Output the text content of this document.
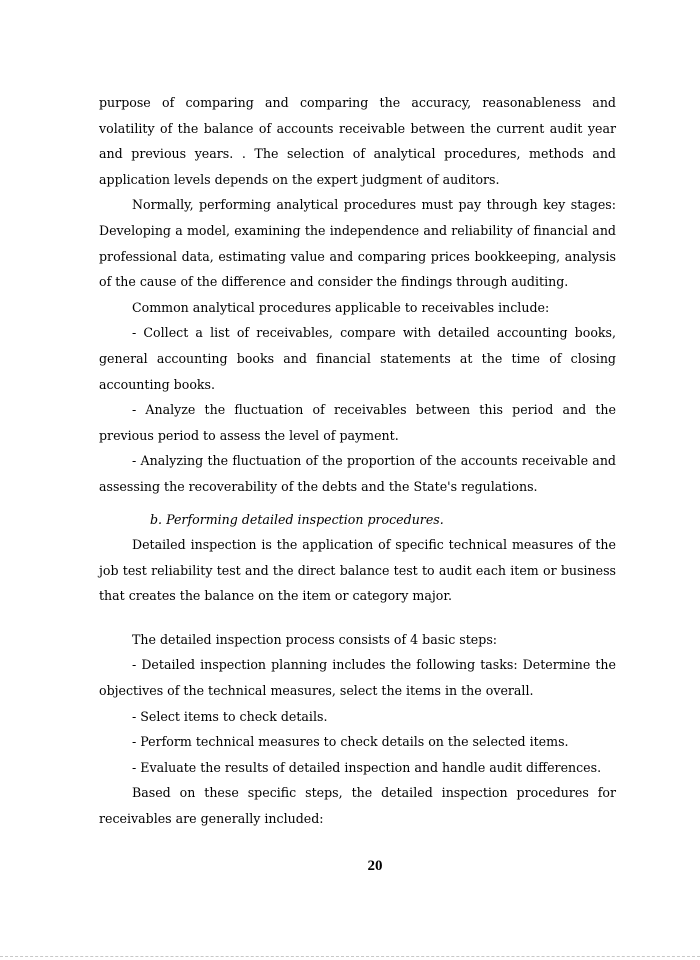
purpose of comparing and comparing the accuracy, reasonableness and volatility of the balance of accounts receivable between the current audit year and previous years. . The selection of analytical procedures, methods and application levels depends on the expert judgment of auditors.

Normally, performing analytical procedures must pay through key stages: Developing a model, examining the independence and reliability of financial and professional data, estimating value and comparing prices bookkeeping, analysis of the cause of the difference and consider the findings through auditing.

Common analytical procedures applicable to receivables include:

- Collect a list of receivables, compare with detailed accounting books, general accounting books and financial statements at the time of closing accounting books.

- Analyze the fluctuation of receivables between this period and the previous period to assess the level of payment.

- Analyzing the fluctuation of the proportion of the accounts receivable and assessing the recoverability of the debts and the State's regulations.

b. Performing detailed inspection procedures.

Detailed inspection is the application of specific technical measures of the job test reliability test and the direct balance test to audit each item or business that creates the balance on the item or category major.

The detailed inspection process consists of 4 basic steps:

- Detailed inspection planning includes the following tasks: Determine the objectives of the technical measures, select the items in the overall.

- Select items to check details.

- Perform technical measures to check details on the selected items.

- Evaluate the results of detailed inspection and handle audit differences.

Based on these specific steps, the detailed inspection procedures for receivables are generally included:

20
